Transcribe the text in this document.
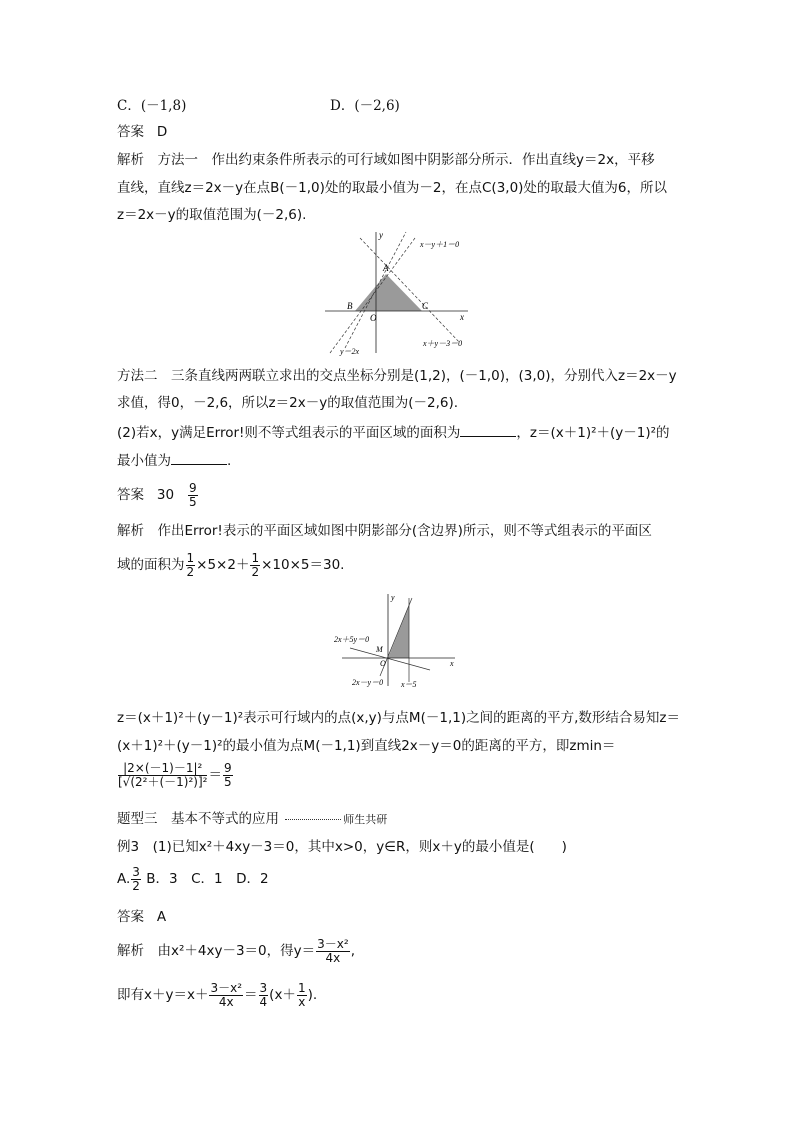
C．(－1,8)	D．(－2,6)
答案 D
解析　方法一　作出约束条件所表示的可行域如图中阴影部分所示．作出直线y＝2x，平移
直线，直线z＝2x－y在点B(－1,0)处的取最小值为－2，在点C(3,0)处的取最大值为6，所以
z＝2x－y的取值范围为(－2,6).
x－y＋1＝0
x＋y－3＝0
y＝2x
A
B	C
O	x
y
方法二　三条直线两两联立求出的交点坐标分别是(1,2)，(－1,0)，(3,0)，分别代入z＝2x－y
求值，得0，－2,6，所以z＝2x－y的取值范围为(－2,6).
(2)若x，y满足Error!则不等式组表示的平面区域的面积为	，z＝(x＋1)²＋(y－1)²的
最小值为	.
答案 $30 \frac{9}{5}$
解析　作出Error!表示的平面区域如图中阴影部分(含边界)所示，则不等式组表示的平面区
域的面积为 $\frac{1}{2} \times 5\times 2+ \frac{1}{2} \times 10\times 5=30$.
2x＋5y＝0
2x－y＝0 x＝5
M
O	x
y
z＝(x＋1)²＋(y－1)²表示可行域内的点(x,y)与点M(－1,1)之间的距离的平方,数形结合易知z＝
(x＋1)²＋(y－1)²的最小值为点M(－1,1)到直线2x－y＝0的距离的平方，即zmin＝
$\frac{\text{|2×(－1)－1|²}}{\text{[√(2²＋(－1)²)]²}} = \frac{9}{5}$
题型三　基本不等式的应用	师生共研
例3　(1)已知x²＋4xy－3＝0，其中x>0，y∈R，则x＋y的最小值是(　　)
A. $\frac{3}{2}$ B．3　C．1　D．2
答案 A
解析　由x²＋4xy－3＝0，得$y= \frac{\text{3－x²}}{4x}$ ,
即有$x+y=x+ \frac{\text{3－x²}}{4x} = \frac{3}{4} (x+ \frac{1}{x}$ ).
